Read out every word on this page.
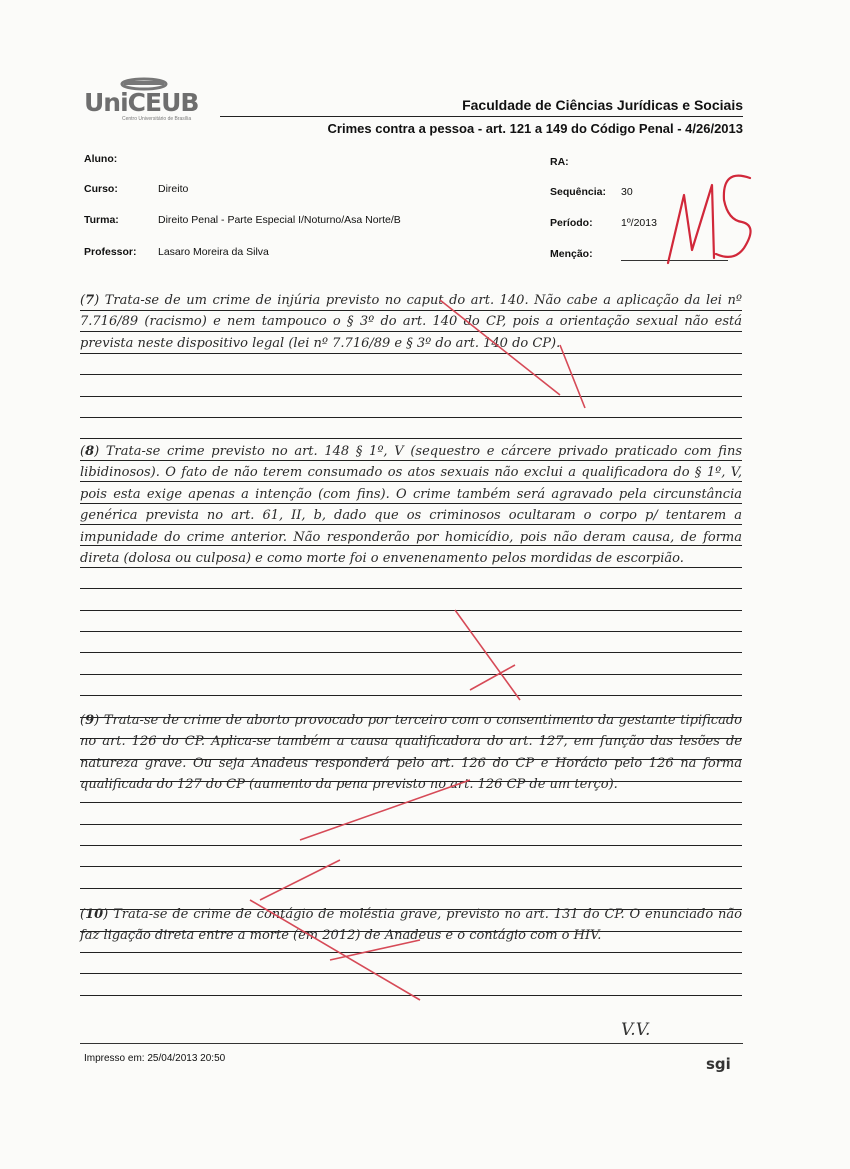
UniCEUB
Centro Universitário de Brasília
Faculdade de Ciências Jurídicas e Sociais
Crimes contra a pessoa - art. 121 a 149 do Código Penal - 4/26/2013
Aluno:
Curso:	Direito
Turma:	Direito Penal - Parte Especial I/Noturno/Asa Norte/B
Professor: Lasaro Moreira da Silva
RA:
Sequência: 30
Período:	1º/2013
Menção:
(7) Trata-se de um crime de injúria previsto no caput do art. 140. Não cabe a aplicação da lei nº 7.716/89 (racismo) e nem tampouco o § 3º do art. 140 do CP, pois a orientação sexual não está prevista neste dispositivo legal (lei nº 7.716/89 e § 3º do art. 140 do CP).
(8) Trata-se crime previsto no art. 148 § 1º, V (sequestro e cárcere privado praticado com fins libidinosos). O fato de não terem consumado os atos sexuais não exclui a qualificadora do § 1º, V, pois esta exige apenas a intenção (com fins). O crime também será agravado pela circunstância genérica prevista no art. 61, II, b, dado que os criminosos ocultaram o corpo p/ tentarem a impunidade do crime anterior. Não responderão por homicídio, pois não deram causa, de forma direta (dolosa ou culposa) e como morte foi o envenenamento pelos mordidas de escorpião.
(9) Trata-se de crime de aborto provocado por terceiro com o consentimento da gestante tipificado no art. 126 do CP. Aplica-se também a causa qualificadora do art. 127, em função das lesões de natureza grave. Ou seja Anadeus responderá pelo art. 126 do CP e Horácio pelo 126 na forma qualificada do 127 do CP (aumento da pena previsto no art. 126 CP de um terço).
(10) Trata-se de crime de contágio de moléstia grave, previsto no art. 131 do CP. O enunciado não faz ligação direta entre a morte (em 2012) de Anadeus e o contágio com o HIV.
V.V.
Impresso em: 25/04/2013 20:50	sgi
